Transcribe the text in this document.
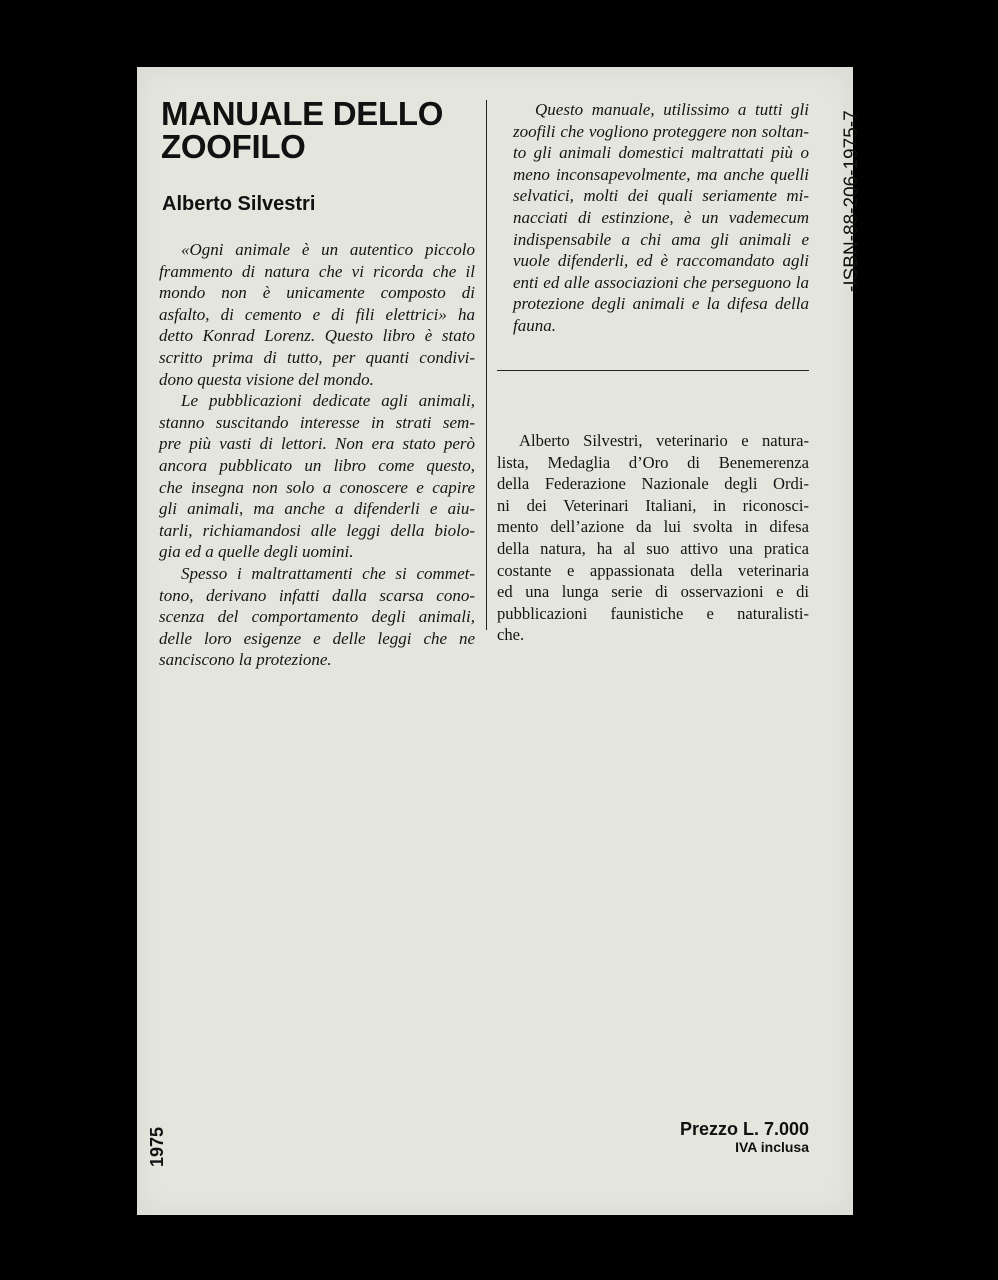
MANUALE DELLO
ZOOFILO
Alberto Silvestri
«Ogni animale è un autentico piccolo
frammento di natura che vi ricorda che il
mondo non è unicamente composto di
asfalto, di cemento e di fili elettrici» ha
detto Konrad Lorenz. Questo libro è stato
scritto prima di tutto, per quanti condivi-
dono questa visione del mondo.
Le pubblicazioni dedicate agli animali,
stanno suscitando interesse in strati sem-
pre più vasti di lettori. Non era stato però
ancora pubblicato un libro come questo,
che insegna non solo a conoscere e capire
gli animali, ma anche a difenderli e aiu-
tarli, richiamandosi alle leggi della biolo-
gia ed a quelle degli uomini.
Spesso i maltrattamenti che si commet-
tono, derivano infatti dalla scarsa cono-
scenza del comportamento degli animali,
delle loro esigenze e delle leggi che ne
sanciscono la protezione.
Questo manuale, utilissimo a tutti gli
zoofili che vogliono proteggere non soltan-
to gli animali domestici maltrattati più o
meno inconsapevolmente, ma anche quelli
selvatici, molti dei quali seriamente mi-
nacciati di estinzione, è un vademecum
indispensabile a chi ama gli animali e
vuole difenderli, ed è raccomandato agli
enti ed alle associazioni che perseguono la
protezione degli animali e la difesa della
fauna.
Alberto Silvestri, veterinario e natura-
lista, Medaglia d’Oro di Benemerenza
della Federazione Nazionale degli Ordi-
ni dei Veterinari Italiani, in riconosci-
mento dell’azione da lui svolta in difesa
della natura, ha al suo attivo una pratica
costante e appassionata della veterinaria
ed una lunga serie di osservazioni e di
pubblicazioni faunistiche e naturalisti-
che.
-ISBN-88-206-1975-7
1975	Prezzo L. 7.000
IVA inclusa
